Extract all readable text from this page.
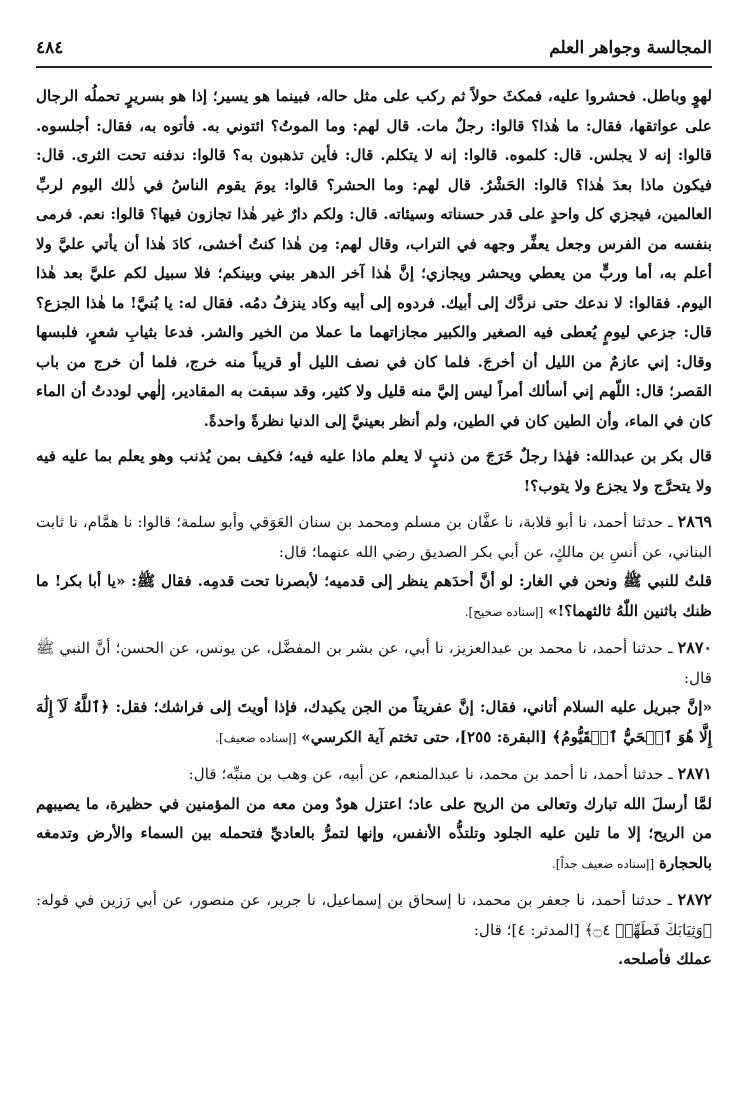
المجالسة وجواهر العلم
٤٨٤

لهوٍ وباطل. فحشروا عليه، فمكثَ حولاً ثم ركب على مثل حاله، فبينما هو يسير؛ إذا هو بسريرٍ تحملُه الرجال على عواتقها، فقال: ما هٰذا؟ قالوا: رجلٌ مات. قال لهم: وما الموتُ؟ ائتوني به. فأتوه به، فقال: أجلسوه. قالوا: إنه لا يجلس. قال: كلموه. قالوا: إنه لا يتكلم. قال: فأين تذهبون به؟ قالوا: ندفنه تحت الثرى. قال: فيكون ماذا بعدَ هٰذا؟ قالوا: الحَشْرُ. قال لهم: وما الحشر؟ قالوا: يومَ يقوم الناسُ في ذٰلك اليوم لربِّ العالمين، فيجزي كل واحدٍ على قدر حسناته وسيئاته. قال: ولكم دارٌ غير هٰذا تجازون فيها؟ قالوا: نعم. فرمى بنفسه من الفرس وجعل يعفِّر وجهه في التراب، وقال لهم: مِن هٰذا كنتُ أخشى، كادَ هٰذا أن يأتي عليَّ ولا أعلم به، أما وربٍّ من يعطي ويحشر ويجازي؛ إنَّ هٰذا آخر الدهر بيني وبينكم؛ فلا سبيل لكم عليَّ بعد هٰذا اليوم. فقالوا: لا ندعك حتى نردَّك إلى أبيك. فردوه إلى أبيه وكاد ينزفُ دمُه. فقال له: يا بُنيَّ! ما هٰذا الجزع؟ قال: جزعي ليومٍ يُعطى فيه الصغير والكبير مجازاتهما ما عملا من الخير والشر. فدعا بثيابِ شعرٍ، فلبسها وقال: إني عازمٌ من الليل أن أخرجَ. فلما كان في نصف الليل أو قريباً منه خرج، فلما أن خرج من باب القصر؛ قال: اللّهم إني أسألك أمراً ليس إليَّ منه قليل ولا كثير، وقد سبقت به المقادير، إلٰهي لوددتُ أن الماء كان في الماء، وأن الطين كان في الطين، ولم أنظر بعينيَّ إلى الدنيا نظرةً واحدةً.

قال بكر بن عبدالله: فهٰذا رجلٌ خَرَجَ من ذنبٍ لا يعلم ماذا عليه فيه؛ فكيف بمن يُذنب وهو يعلم بما عليه فيه ولا يتحرَّج ولا يجزع ولا يتوب؟!

٢٨٦٩ ـ حدثنا أحمد، نا أبو قلابة، نا عفَّان بن مسلم ومحمد بن سنان العَوَقي وأبو سلمة؛ قالوا: نا همَّام، نا ثابت البناني، عن أنسِ بن مالكٍ، عن أبي بكر الصديق رضي الله عنهما؛ قال:

قلتُ للنبي ﷺ ونحن في الغار: لو أنَّ أحدَهم ينظر إلى قدميه؛ لأبصرنا تحت قدمِه. فقال ﷺ: «يا أبا بكر! ما ظنك باثنين اللّٰهُ ثالثهما؟!» [إسناده صحيح].

٢٨٧٠ ـ حدثنا أحمد، نا محمد بن عبدالعزيز، نا أبي، عن بشر بن المفضَّل، عن يونس، عن الحسن؛ أنَّ النبي ﷺ قال:

«إنَّ جبريل عليه السلام أتاني، فقال: إنَّ عفريتاً من الجن يكيدك، فإذا أويتَ إلى فراشك؛ فقل: ﴿ٱللَّهُ لَآ إِلَٰهَ إِلَّا هُوَ ٱلۡحَيُّ ٱلۡقَيُّومُ﴾ [البقرة: ٢٥٥]، حتى تختم آية الكرسي» [إسناده ضعيف].

٢٨٧١ ـ حدثنا أحمد، نا أحمد بن محمد، نا عبدالمنعم، عن أبيه، عن وهب بن منبِّه؛ قال:

لمَّا أرسلَ الله تبارك وتعالى من الريح على عاد؛ اعتزل هودٌ ومن معه من المؤمنين في حظيرة، ما يصيبهم من الريح؛ إلا ما تلين عليه الجلود وتلتذُّه الأنفس، وإنها لتمرُّ بالعاديِّ فتحمله بين السماء والأرض وتدمغه بالحجارة [إسناده ضعيف جداً].

٢٨٧٢ ـ حدثنا أحمد، نا جعفر بن محمد، نا إسحاق بن إسماعيل، نا جرير، عن منصور، عن أبي رَزين في قوله: ﴿وَثِيَابَكَ فَطَهِّرۡ ۝٤﴾ [المدثر: ٤]؛ قال:

عملك فأصلحه.
